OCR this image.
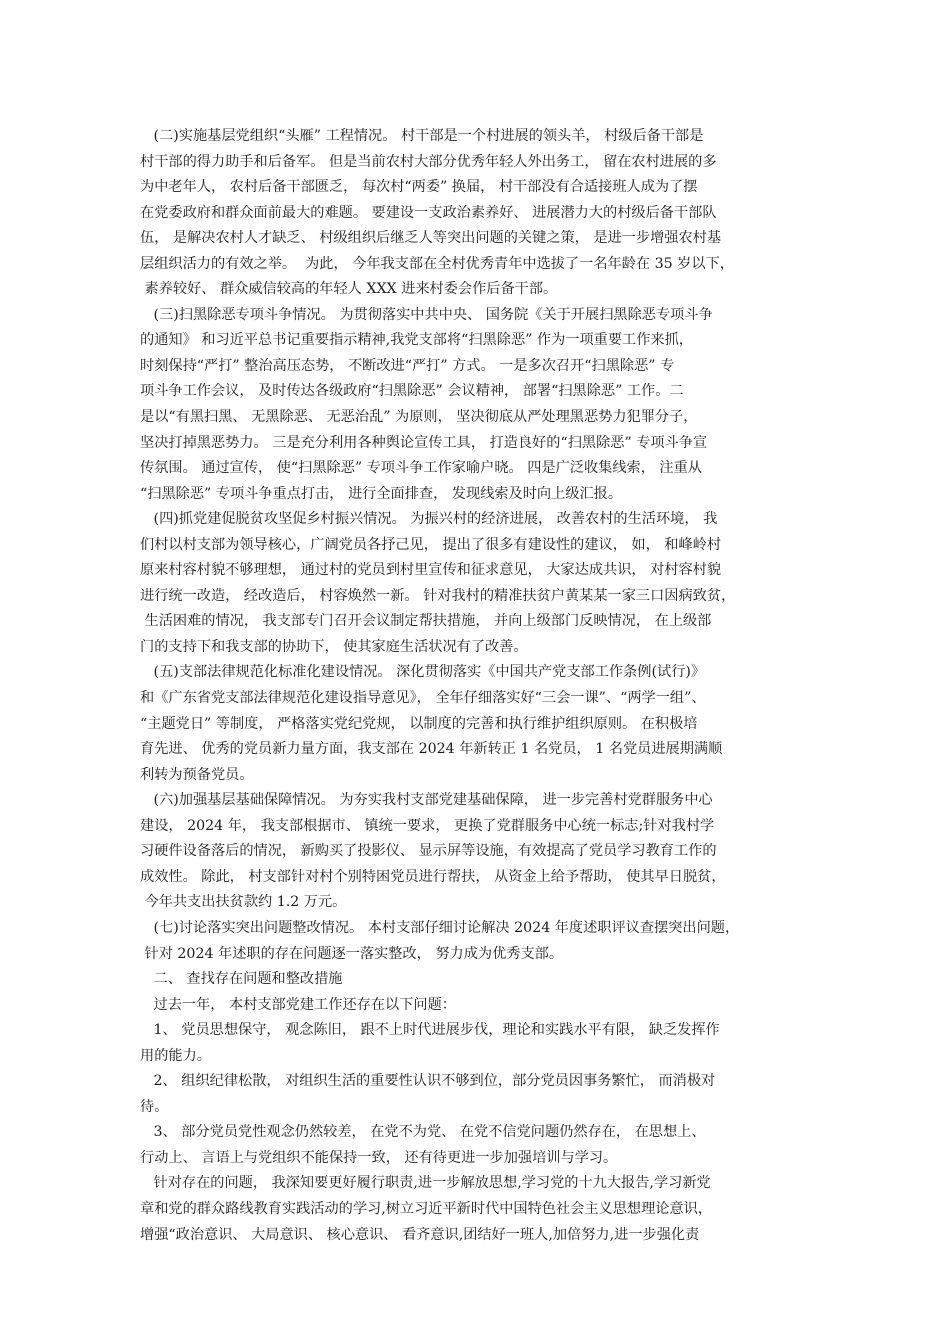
(二)实施基层党组织“头雁” 工程情况。 村干部是一个村进展的领头羊， 村级后备干部是
村干部的得力助手和后备军。 但是当前农村大部分优秀年轻人外出务工， 留在农村进展的多
为中老年人， 农村后备干部匮乏， 每次村“两委” 换届， 村干部没有合适接班人成为了摆
在党委政府和群众面前最大的难题。 要建设一支政治素养好、 进展潜力大的村级后备干部队
伍， 是解决农村人才缺乏、 村级组织后继乏人等突出问题的关键之策， 是进一步增强农村基
层组织活力的有效之举。  为此， 今年我支部在全村优秀青年中选拔了一名年龄在 35 岁以下，
素养较好、 群众威信较高的年轻人 XXX 进来村委会作后备干部。
(三)扫黑除恶专项斗争情况。 为贯彻落实中共中央、 国务院《关于开展扫黑除恶专项斗争
的通知》 和习近平总书记重要指示精神,我党支部将“扫黑除恶” 作为一项重要工作来抓，
时刻保持“严打” 整治高压态势， 不断改进“严打” 方式。 一是多次召开“扫黑除恶” 专
项斗争工作会议， 及时传达各级政府“扫黑除恶” 会议精神， 部署“扫黑除恶” 工作。二
是以“有黑扫黑、 无黑除恶、 无恶治乱” 为原则， 坚决彻底从严处理黑恶势力犯罪分子，
坚决打掉黑恶势力。 三是充分利用各种舆论宣传工具， 打造良好的“扫黑除恶” 专项斗争宣
传氛围。 通过宣传， 使“扫黑除恶” 专项斗争工作家喻户晓。 四是广泛收集线索， 注重从
“扫黑除恶” 专项斗争重点打击， 进行全面排查， 发现线索及时向上级汇报。
(四)抓党建促脱贫攻坚促乡村振兴情况。 为振兴村的经济进展， 改善农村的生活环境， 我
们村以村支部为领导核心，广阔党员各抒己见， 提出了很多有建设性的建议， 如， 和峰岭村
原来村容村貌不够理想， 通过村的党员到村里宣传和征求意见， 大家达成共识， 对村容村貌
进行统一改造， 经改造后， 村容焕然一新。 针对我村的精准扶贫户黄某某一家三口因病致贫，
生活困难的情况， 我支部专门召开会议制定帮扶措施， 并向上级部门反映情况， 在上级部
门的支持下和我支部的协助下， 使其家庭生活状况有了改善。
(五)支部法律规范化标准化建设情况。 深化贯彻落实《中国共产党支部工作条例(试行)》
和《广东省党支部法律规范化建设指导意见》， 全年仔细落实好“三会一课”、“两学一组”、
“主题党日” 等制度， 严格落实党纪党规， 以制度的完善和执行维护组织原则。 在积极培
育先进、 优秀的党员新力量方面，我支部在 2024 年新转正 1 名党员， 1 名党员进展期满顺
利转为预备党员。
(六)加强基层基础保障情况。 为夯实我村支部党建基础保障， 进一步完善村党群服务中心
建设， 2024 年， 我支部根据市、 镇统一要求， 更换了党群服务中心统一标志;针对我村学
习硬件设备落后的情况， 新购买了投影仪、 显示屏等设施，有效提高了党员学习教育工作的
成效性。 除此， 村支部针对村个别特困党员进行帮扶， 从资金上给予帮助， 使其早日脱贫，
今年共支出扶贫款约 1.2 万元。
(七)讨论落实突出问题整改情况。 本村支部仔细讨论解决 2024 年度述职评议查摆突出问题，
针对 2024 年述职的存在问题逐一落实整改， 努力成为优秀支部。
二、 查找存在问题和整改措施
过去一年， 本村支部党建工作还存在以下问题：
1、 党员思想保守， 观念陈旧， 跟不上时代进展步伐，理论和实践水平有限， 缺乏发挥作
用的能力。
2、 组织纪律松散， 对组织生活的重要性认识不够到位，部分党员因事务繁忙， 而消极对
待。
3、 部分党员党性观念仍然较差， 在党不为党、 在党不信党问题仍然存在， 在思想上、
行动上、 言语上与党组织不能保持一致， 还有待更进一步加强培训与学习。
针对存在的问题， 我深知要更好履行职责,进一步解放思想,学习党的十九大报告,学习新党
章和党的群众路线教育实践活动的学习,树立习近平新时代中国特色社会主义思想理论意识，
增强“政治意识、 大局意识、 核心意识、 看齐意识,团结好一班人,加倍努力,进一步强化责
